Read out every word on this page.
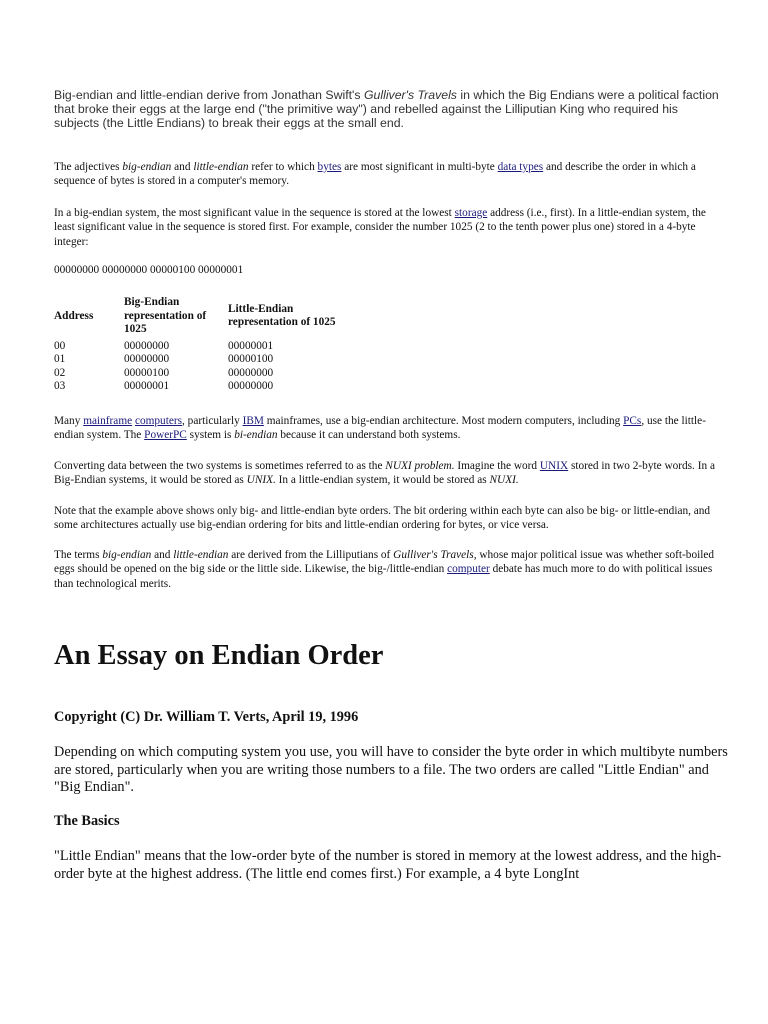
Big-endian and little-endian derive from Jonathan Swift's Gulliver's Travels in which the Big Endians were a political faction that broke their eggs at the large end ("the primitive way") and rebelled against the Lilliputian King who required his subjects (the Little Endians) to break their eggs at the small end.
The adjectives big-endian and little-endian refer to which bytes are most significant in multi-byte data types and describe the order in which a sequence of bytes is stored in a computer's memory.
In a big-endian system, the most significant value in the sequence is stored at the lowest storage address (i.e., first). In a little-endian system, the least significant value in the sequence is stored first. For example, consider the number 1025 (2 to the tenth power plus one) stored in a 4-byte integer:
00000000 00000000 00000100 00000001
Address	Big-Endian representation of 1025	Little-Endian representation of 1025
00	00000000	00000001
01	00000000	00000100
02	00000100	00000000
03	00000001	00000000
Many mainframe computers, particularly IBM mainframes, use a big-endian architecture. Most modern computers, including PCs, use the little-endian system. The PowerPC system is bi-endian because it can understand both systems.
Converting data between the two systems is sometimes referred to as the NUXI problem. Imagine the word UNIX stored in two 2-byte words. In a Big-Endian systems, it would be stored as UNIX. In a little-endian system, it would be stored as NUXI.
Note that the example above shows only big- and little-endian byte orders. The bit ordering within each byte can also be big- or little-endian, and some architectures actually use big-endian ordering for bits and little-endian ordering for bytes, or vice versa.
The terms big-endian and little-endian are derived from the Lilliputians of Gulliver's Travels, whose major political issue was whether soft-boiled eggs should be opened on the big side or the little side. Likewise, the big-/little-endian computer debate has much more to do with political issues than technological merits.
An Essay on Endian Order
Copyright (C) Dr. William T. Verts, April 19, 1996
Depending on which computing system you use, you will have to consider the byte order in which multibyte numbers are stored, particularly when you are writing those numbers to a file. The two orders are called "Little Endian" and "Big Endian".
The Basics
"Little Endian" means that the low-order byte of the number is stored in memory at the lowest address, and the high-order byte at the highest address. (The little end comes first.) For example, a 4 byte LongInt
